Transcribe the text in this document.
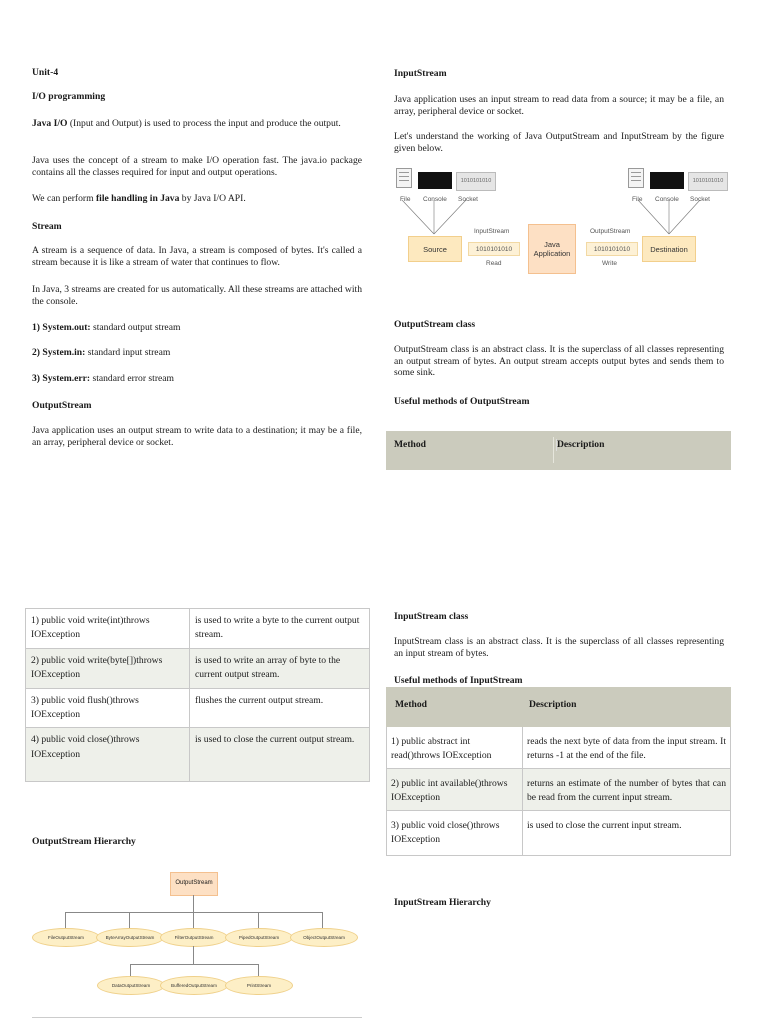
Unit-4

I/O programming

Java I/O (Input and Output) is used to process the input and produce the output.

Java uses the concept of a stream to make I/O operation fast. The java.io package contains all the classes required for input and output operations.

We can perform file handling in Java by Java I/O API.

Stream

A stream is a sequence of data. In Java, a stream is composed of bytes. It's called a stream because it is like a stream of water that continues to flow.

In Java, 3 streams are created for us automatically. All these streams are attached with the console.

1) System.out: standard output stream

2) System.in: standard input stream

3) System.err: standard error stream

OutputStream

Java application uses an output stream to write data to a destination; it may be a file, an array, peripheral device or socket.

InputStream

Java application uses an input stream to read data from a source; it may be a file, an array, peripheral device or socket.

Let's understand the working of Java OutputStream and InputStream by the figure given below.

OutputStream class

OutputStream class is an abstract class. It is the superclass of all classes representing an output stream of bytes. An output stream accepts output bytes and sends them to some sink.

Useful methods of OutputStream

1010101010
File Console Socket
1010101010
File Console Socket
Source
InputStream
1010101010
Read
Java Application
OutputStream
1010101010
Write
Destination
Method	Description
1) public void write(int)throws IOException	is used to write a byte to the current output stream.
2) public void write(byte[])throws IOException	is used to write an array of byte to the current output stream.
3) public void flush()throws IOException	flushes the current output stream.
4) public void close()throws IOException	is used to close the current output stream.

OutputStream Hierarchy

OutputStream
FileOutputStream	ByteArrayOutputStream	FilterOutputStream	PipedOutputStream	ObjectOutputStream
DataOutputStream	BufferedOutputStream	PrintStream

InputStream class

InputStream class is an abstract class. It is the superclass of all classes representing an input stream of bytes.

Useful methods of InputStream

InputStream Hierarchy

Method	Description
1) public abstract int read()throws IOException	reads the next byte of data from the input stream. It returns -1 at the end of the file.
2) public int available()throws IOException	returns an estimate of the number of bytes that can be read from the current input stream.
3) public void close()throws IOException	is used to close the current input stream.
